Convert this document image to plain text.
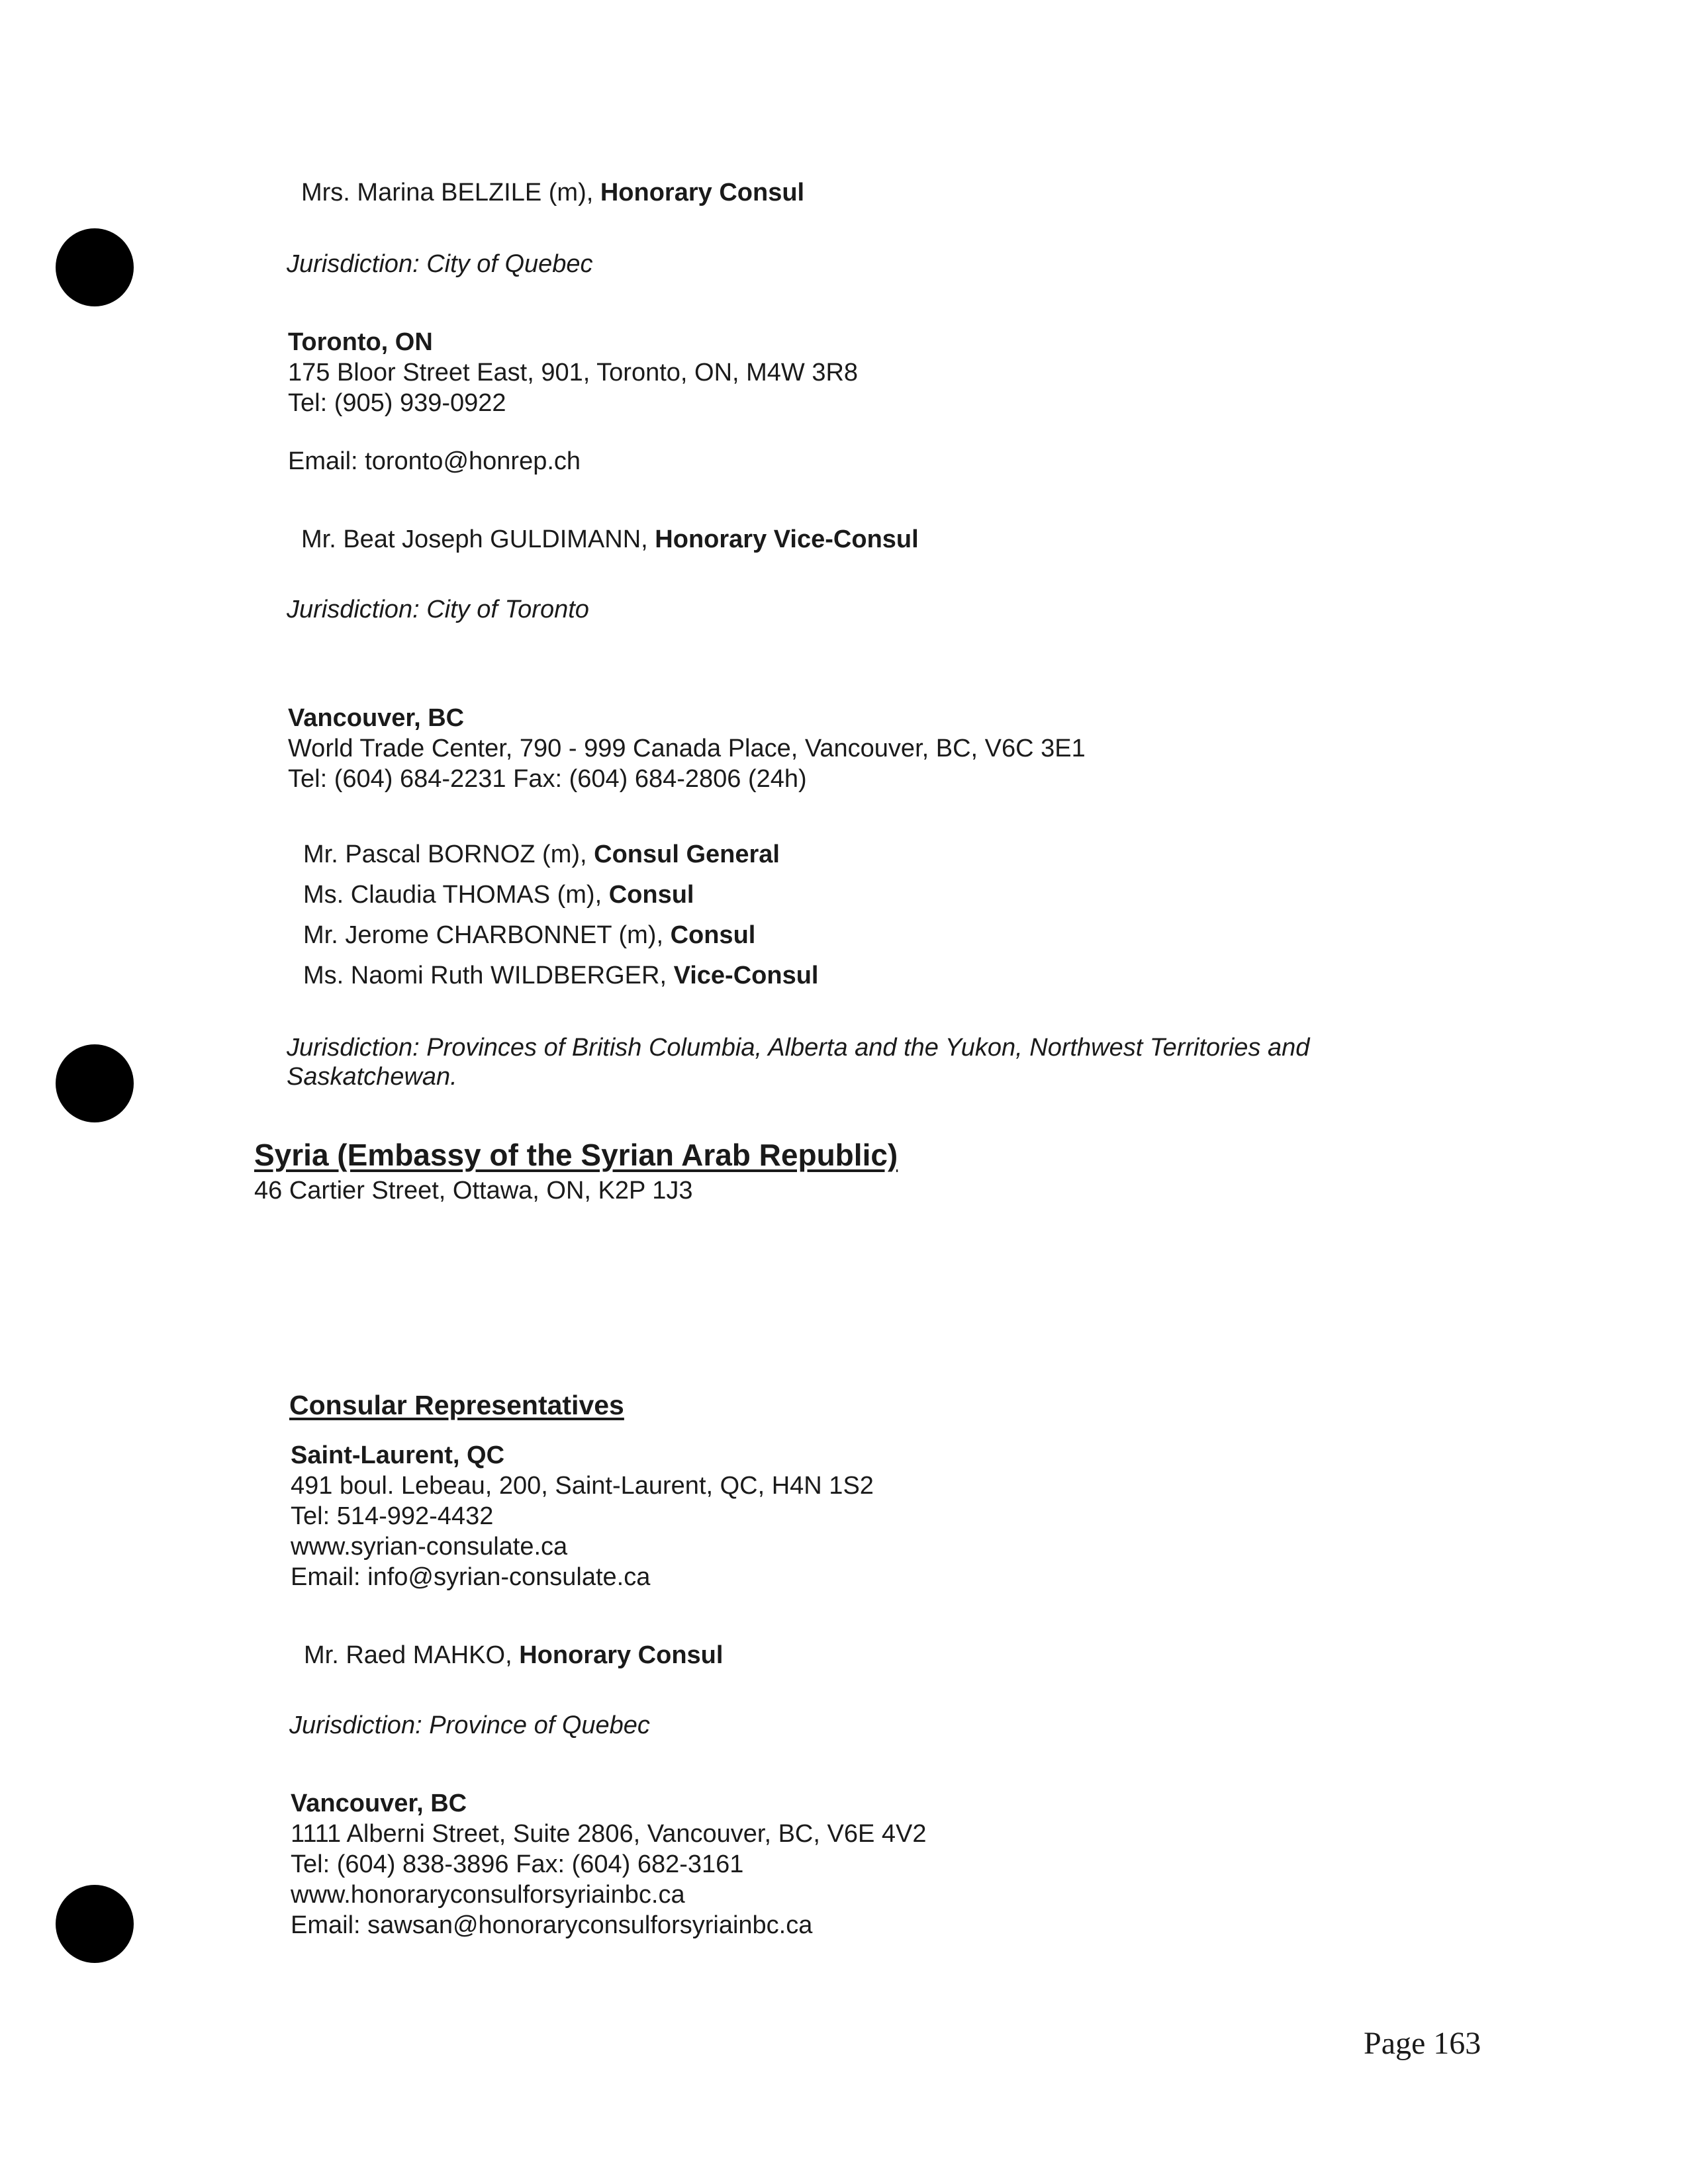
Mrs. Marina BELZILE (m), Honorary Consul
Jurisdiction: City of Quebec
Toronto, ON
175 Bloor Street East, 901, Toronto, ON, M4W 3R8
Tel: (905) 939-0922
Email: toronto@honrep.ch
Mr. Beat Joseph GULDIMANN, Honorary Vice-Consul
Jurisdiction: City of Toronto
Vancouver, BC
World Trade Center, 790 - 999 Canada Place, Vancouver, BC, V6C 3E1
Tel: (604) 684-2231 Fax: (604) 684-2806 (24h)
Mr. Pascal BORNOZ (m), Consul General
Ms. Claudia THOMAS (m), Consul
Mr. Jerome CHARBONNET (m), Consul
Ms. Naomi Ruth WILDBERGER, Vice-Consul
Jurisdiction: Provinces of British Columbia, Alberta and the Yukon, Northwest Territories and
Saskatchewan.
Syria (Embassy of the Syrian Arab Republic)
46 Cartier Street, Ottawa, ON, K2P 1J3
Consular Representatives
Saint-Laurent, QC
491 boul. Lebeau, 200, Saint-Laurent, QC, H4N 1S2
Tel: 514-992-4432
www.syrian-consulate.ca
Email: info@syrian-consulate.ca
Mr. Raed MAHKO, Honorary Consul
Jurisdiction: Province of Quebec
Vancouver, BC
1111 Alberni Street, Suite 2806, Vancouver, BC, V6E 4V2
Tel: (604) 838-3896 Fax: (604) 682-3161
www.honoraryconsulforsyriainbc.ca
Email: sawsan@honoraryconsulforsyriainbc.ca
Page 163
